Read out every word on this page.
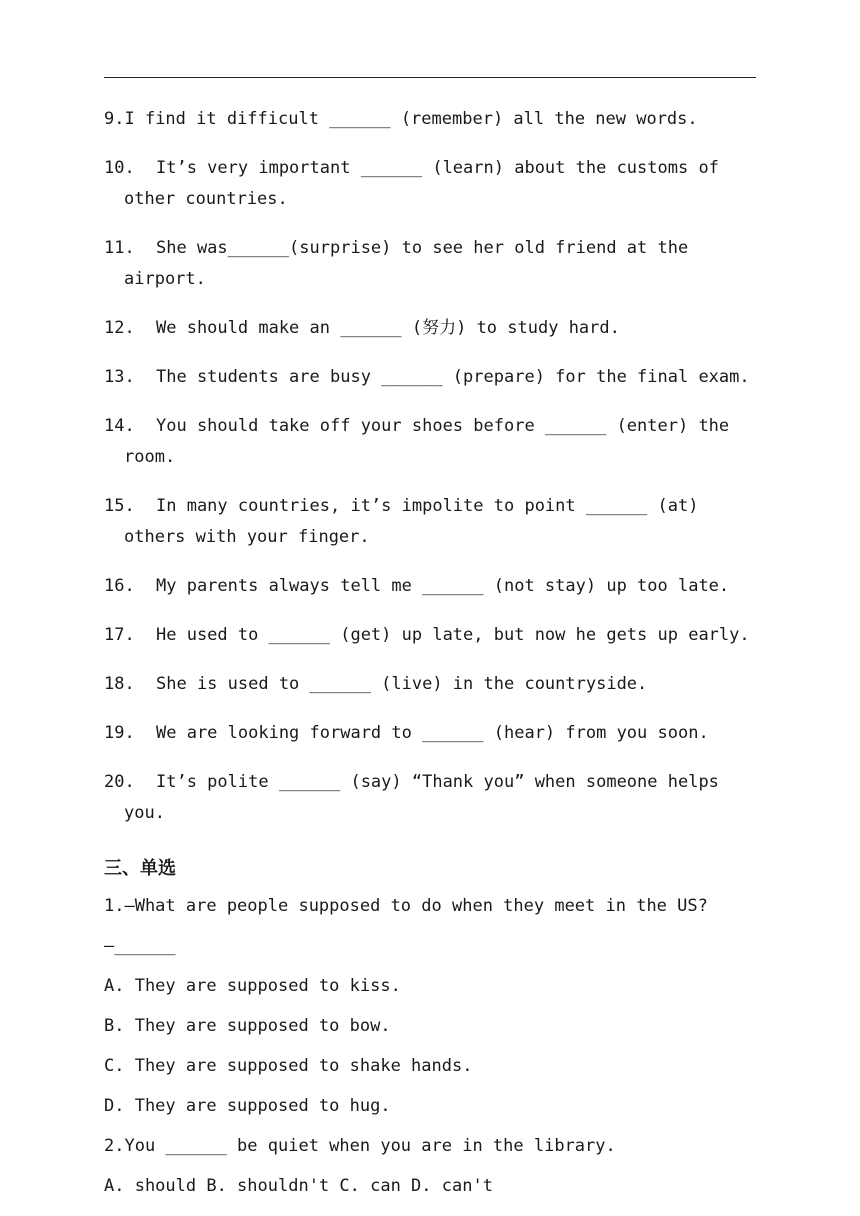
9.I find it difficult ______ (remember) all the new words.
10. It’s very important ______ (learn) about the customs of
other countries.
11. She was______(surprise) to see her old friend at the
airport.
12. We should make an ______ (努力) to study hard.
13. The students are busy ______ (prepare) for the final exam.
14. You should take off your shoes before ______ (enter) the
room.
15. In many countries, it’s impolite to point ______ (at)
others with your finger.
16. My parents always tell me ______ (not stay) up too late.
17. He used to ______ (get) up late, but now he gets up early.
18. She is used to ______ (live) in the countryside.
19. We are looking forward to ______ (hear) from you soon.
20. It’s polite ______ (say) “Thank you” when someone helps
you.
三、单选
1.—What are people supposed to do when they meet in the US?
—______
A. They are supposed to kiss.
B. They are supposed to bow.
C. They are supposed to shake hands.
D. They are supposed to hug.
2.You ______ be quiet when you are in the library.
A. should B. shouldn't C. can D. can't
